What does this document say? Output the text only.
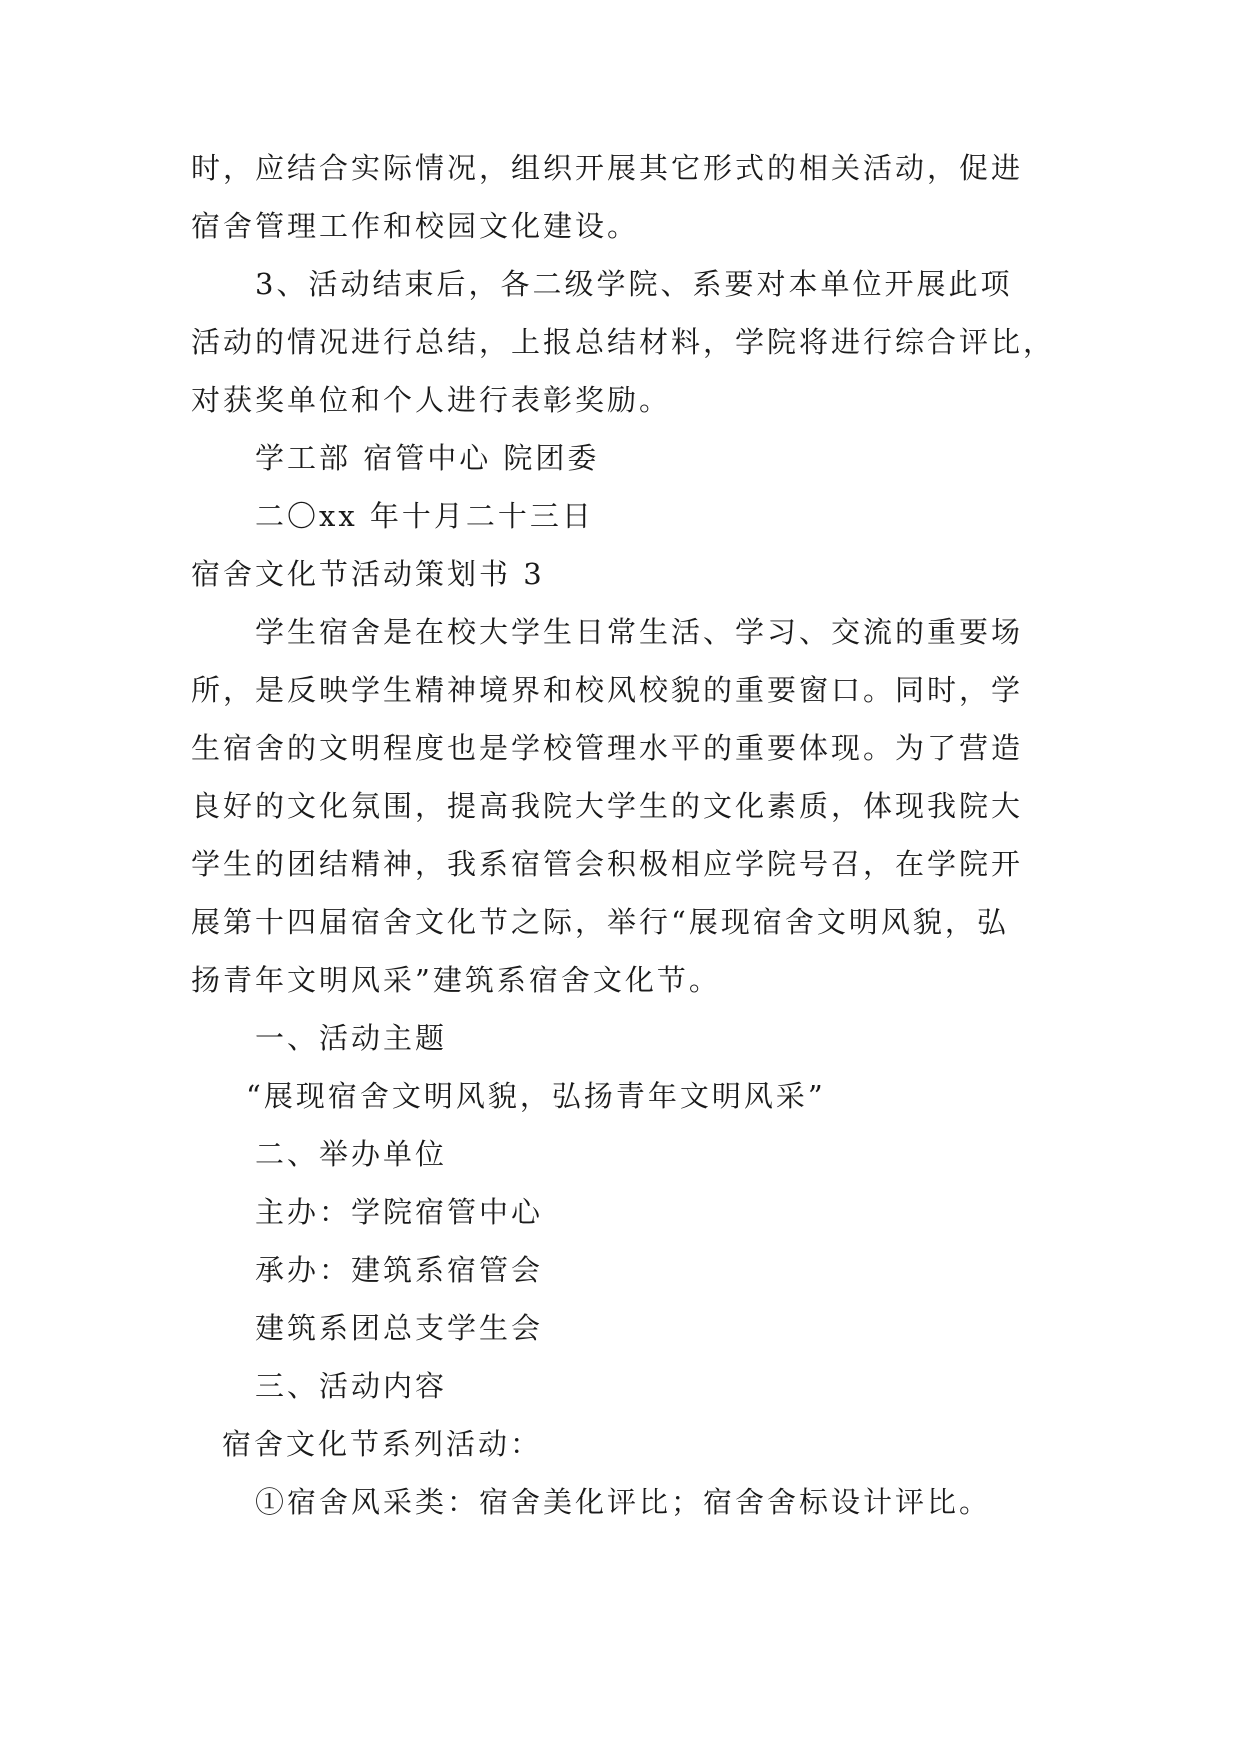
时，应结合实际情况，组织开展其它形式的相关活动，促进
宿舍管理工作和校园文化建设。
3、活动结束后，各二级学院、系要对本单位开展此项
活动的情况进行总结，上报总结材料，学院将进行综合评比，
对获奖单位和个人进行表彰奖励。
学工部 宿管中心 院团委
二〇xx 年十月二十三日
宿舍文化节活动策划书 3
学生宿舍是在校大学生日常生活、学习、交流的重要场
所，是反映学生精神境界和校风校貌的重要窗口。同时，学
生宿舍的文明程度也是学校管理水平的重要体现。为了营造
良好的文化氛围，提高我院大学生的文化素质，体现我院大
学生的团结精神，我系宿管会积极相应学院号召，在学院开
展第十四届宿舍文化节之际，举行“展现宿舍文明风貌，弘
扬青年文明风采”建筑系宿舍文化节。
一、活动主题
“展现宿舍文明风貌，弘扬青年文明风采”
二、举办单位
主办：学院宿管中心
承办：建筑系宿管会
建筑系团总支学生会
三、活动内容
宿舍文化节系列活动：
①宿舍风采类：宿舍美化评比；宿舍舍标设计评比。
